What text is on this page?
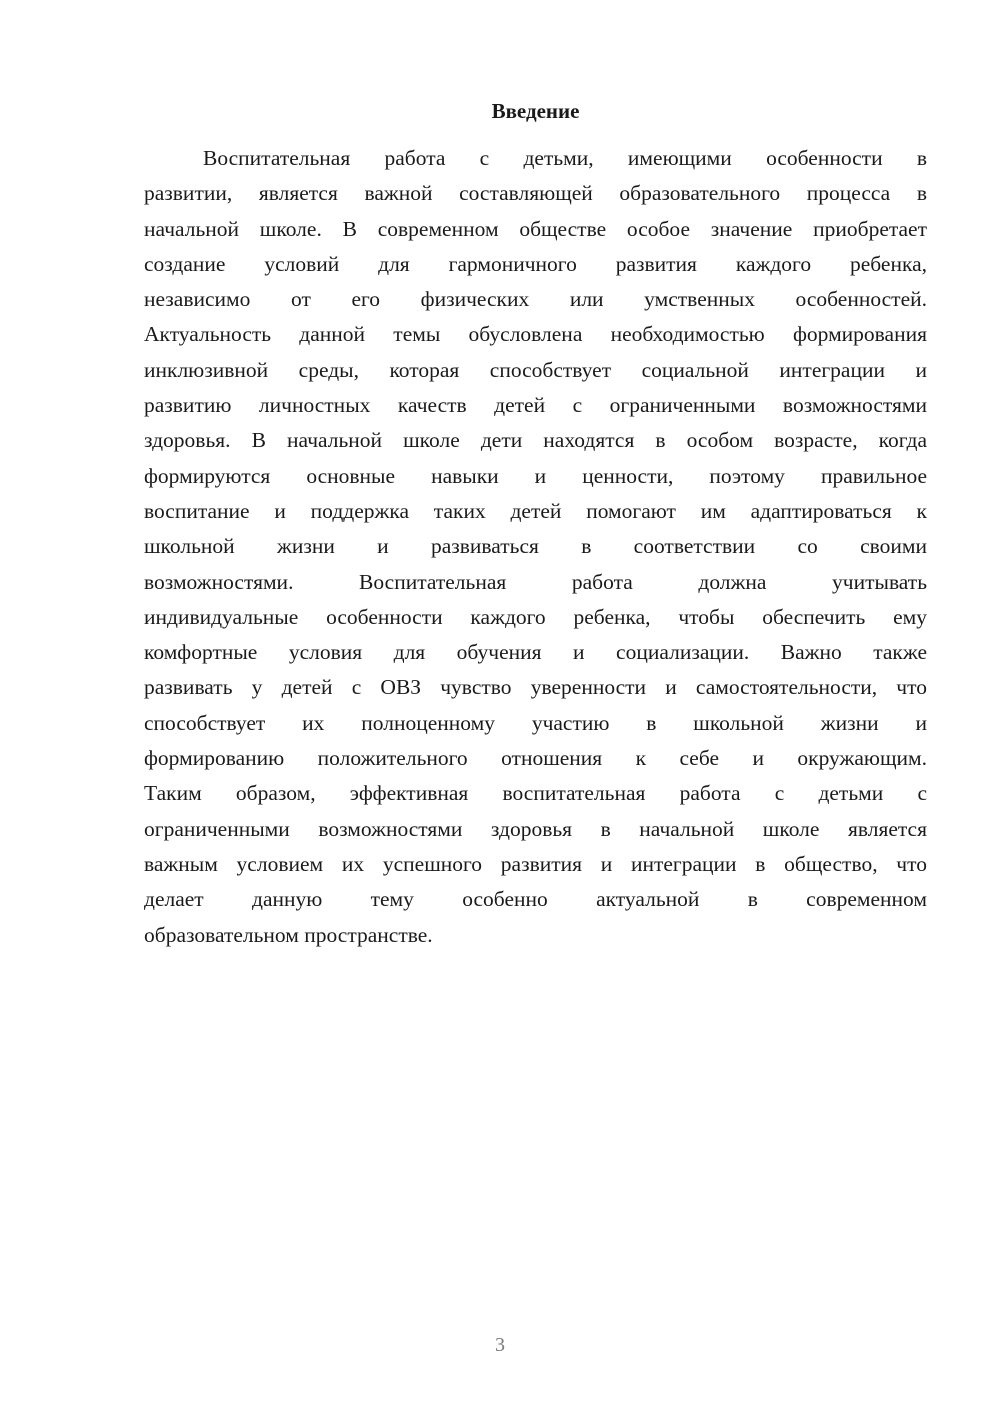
Введение
Воспитательная работа с детьми, имеющими особенности в
развитии, является важной составляющей образовательного процесса в
начальной школе. В современном обществе особое значение приобретает
создание условий для гармоничного развития каждого ребенка,
независимо от его физических или умственных особенностей.
Актуальность данной темы обусловлена необходимостью формирования
инклюзивной среды, которая способствует социальной интеграции и
развитию личностных качеств детей с ограниченными возможностями
здоровья. В начальной школе дети находятся в особом возрасте, когда
формируются основные навыки и ценности, поэтому правильное
воспитание и поддержка таких детей помогают им адаптироваться к
школьной жизни и развиваться в соответствии со своими
возможностями. Воспитательная работа должна учитывать
индивидуальные особенности каждого ребенка, чтобы обеспечить ему
комфортные условия для обучения и социализации. Важно также
развивать у детей с ОВЗ чувство уверенности и самостоятельности, что
способствует их полноценному участию в школьной жизни и
формированию положительного отношения к себе и окружающим.
Таким образом, эффективная воспитательная работа с детьми с
ограниченными возможностями здоровья в начальной школе является
важным условием их успешного развития и интеграции в общество, что
делает данную тему особенно актуальной в современном
образовательном пространстве.
3
